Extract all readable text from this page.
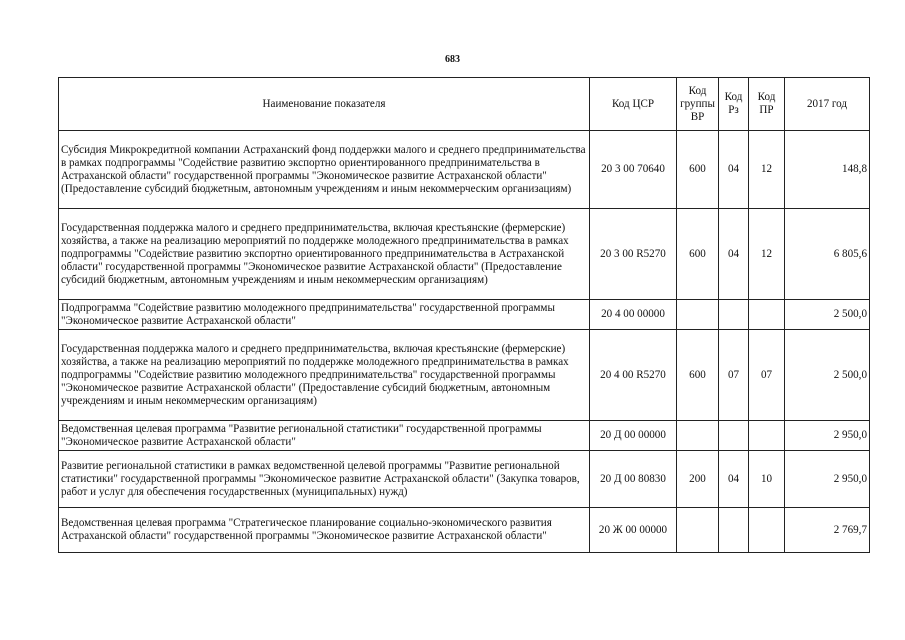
683
Наименование показателя	Код ЦСР	Код группы ВР	Код Рз	Код ПР	2017 год
Субсидия Микрокредитной компании Астраханский фонд поддержки малого и среднего предпринимательства в рамках подпрограммы "Содействие развитию экспортно ориентированного предпринимательства в Астраханской области" государственной программы "Экономическое развитие Астраханской области" (Предоставление субсидий бюджетным, автономным учреждениям и иным некоммерческим организациям)	20 3 00 70640	600	04	12	148,8
Государственная поддержка малого и среднего предпринимательства, включая крестьянские (фермерские) хозяйства, а также на реализацию мероприятий по поддержке молодежного предпринимательства в рамках подпрограммы "Содействие развитию экспортно ориентированного предпринимательства в Астраханской области" государственной программы "Экономическое развитие Астраханской области" (Предоставление субсидий бюджетным, автономным учреждениям и иным некоммерческим организациям)	20 3 00 R5270	600	04	12	6 805,6
Подпрограмма "Содействие развитию молодежного предпринимательства" государственной программы "Экономическое развитие Астраханской области"	20 4 00 00000				2 500,0
Государственная поддержка малого и среднего предпринимательства, включая крестьянские (фермерские) хозяйства, а также на реализацию мероприятий по поддержке молодежного предпринимательства в рамках подпрограммы "Содействие развитию молодежного предпринимательства" государственной программы "Экономическое развитие Астраханской области" (Предоставление субсидий бюджетным, автономным учреждениям и иным некоммерческим организациям)	20 4 00 R5270	600	07	07	2 500,0
Ведомственная целевая программа "Развитие региональной статистики" государственной программы "Экономическое развитие Астраханской области"	20 Д 00 00000				2 950,0
Развитие региональной статистики в рамках ведомственной целевой программы "Развитие региональной статистики" государственной программы "Экономическое развитие Астраханской области" (Закупка товаров, работ и услуг для обеспечения государственных (муниципальных) нужд)	20 Д 00 80830	200	04	10	2 950,0
Ведомственная целевая программа "Стратегическое планирование социально-экономического развития Астраханской области" государственной программы "Экономическое развитие Астраханской области"	20 Ж 00 00000				2 769,7
